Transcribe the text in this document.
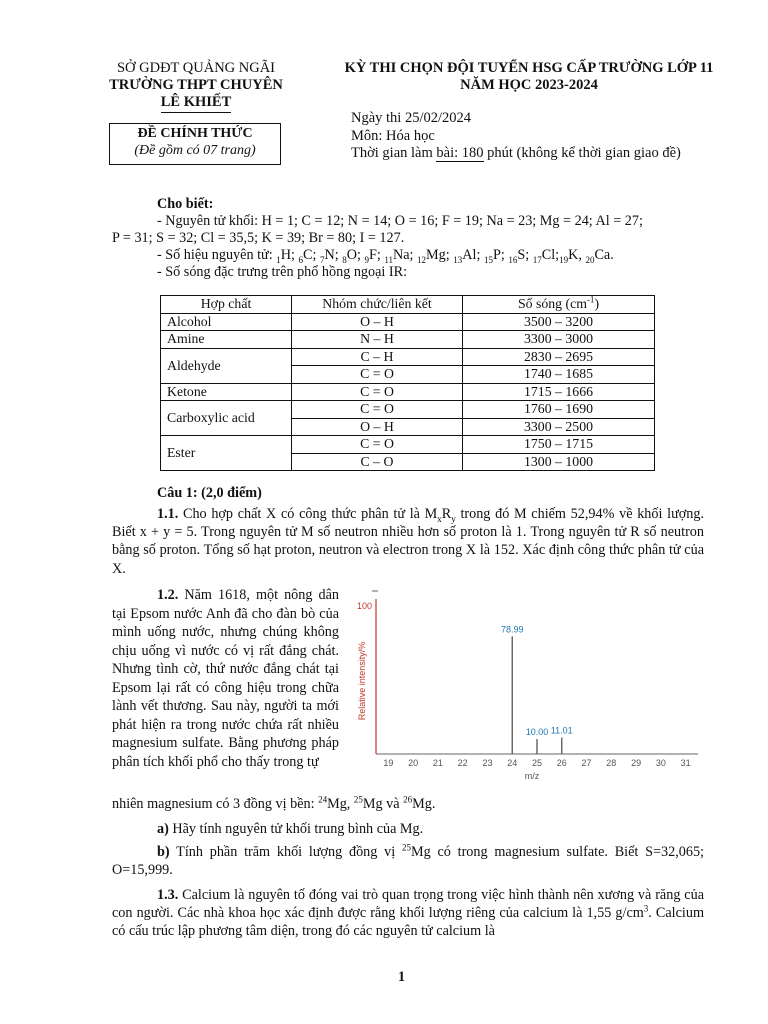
SỞ GDĐT QUẢNG NGÃI
TRƯỜNG THPT CHUYÊN
LÊ KHIẾT
KỲ THI CHỌN ĐỘI TUYỂN HSG CẤP TRƯỜNG LỚP 11
NĂM HỌC 2023-2024
ĐỀ CHÍNH THỨC
(Đề gồm có 07 trang)
Ngày thi 25/02/2024
Môn: Hóa học
Thời gian làm bài: 180 phút (không kể thời gian giao đề)
Cho biết:
- Nguyên tử khối: H = 1; C = 12; N = 14; O = 16; F = 19; Na = 23; Mg = 24; Al = 27;
P = 31; S = 32; Cl = 35,5; K = 39; Br = 80; I = 127.
- Số hiệu nguyên tử: $_1$H; $_6$C; $_7$N; $_8$O; $_9$F; $_{11}$Na; $_{12}$Mg; $_{13}$Al; $_{15}$P; $_{16}$S; $_{17}Cl;_{19}K$, $_{20}$Ca.
- Số sóng đặc trưng trên phổ hồng ngoại IR:
Hợp chất	Nhóm chức/liên kết	Số sóng $(cm^{-1})$
Alcohol	O – H	3500 – 3200
Amine	N – H	3300 – 3000
Aldehyde	C – H	2830 – 2695
	C = O	1740 – 1685
Ketone	C = O	1715 – 1666
Carboxylic acid	C = O	1760 – 1690
	O – H	3300 – 2500
Ester	C = O	1750 – 1715
	C – O	1300 – 1000
Câu 1: (2,0 điểm)
1.1. Cho hợp chất X có công thức phân tử là $M_xR_y$ trong đó M chiếm 52,94% về khối lượng. Biết x + y = 5. Trong nguyên tử M số neutron nhiều hơn số proton là 1. Trong nguyên tử R số neutron bằng số proton. Tổng số hạt proton, neutron và electron trong X là 152. Xác định công thức phân tử của X.
1.2. Năm 1618, một nông dân tại Epsom nước Anh đã cho đàn bò của mình uống nước, nhưng chúng không chịu uống vì nước có vị rất đắng chát. Nhưng tình cờ, thứ nước đắng chát tại Epsom lại rất có công hiệu trong chữa lành vết thương. Sau này, người ta mới phát hiện ra trong nước chứa rất nhiều magnesium sulfate. Bằng phương pháp phân tích khối phổ cho thấy trong tự
nhiên magnesium có 3 đồng vị bền: $^{24}$Mg, $^{25}$Mg và $^{26}$Mg.
a) Hãy tính nguyên tử khối trung bình của Mg.
b) Tính phần trăm khối lượng đồng vị $^{25}$Mg có trong magnesium sulfate. Biết S=32,065; O=15,999.
1.3. Calcium là nguyên tố đóng vai trò quan trọng trong việc hình thành nên xương và răng của con người. Các nhà khoa học xác định được rằng khối lượng riêng của calcium là 1,55 $g/cm^3$. Calcium có cấu trúc lập phương tâm diện, trong đó các nguyên tử calcium là
100
Relative intensity/%
19 20 21 22 23 24 25 26 27 28 29 30 31
m/z
78.99
10.00 11.01
1
